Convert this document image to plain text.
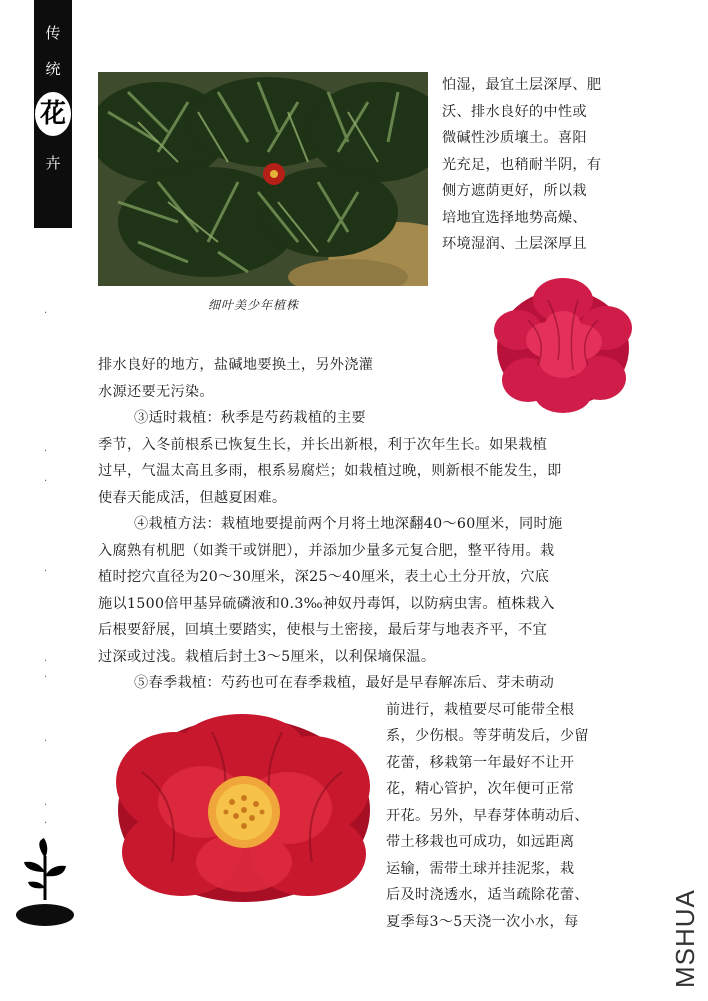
传
统
花
卉
·
·
·
·
·
·
·
·
·
细叶美少年植株
怕湿，最宜土层深厚、肥
沃、排水良好的中性或
微碱性沙质壤土。喜阳
光充足，也稍耐半阴，有
侧方遮荫更好，所以栽
培地宜选择地势高燥、
环境湿润、土层深厚且
排水良好的地方，盐碱地要换土，另外浇灌
水源还要无污染。
③适时栽植：秋季是芍药栽植的主要
季节，入冬前根系已恢复生长，并长出新根，利于次年生长。如果栽植
过早，气温太高且多雨，根系易腐烂；如栽植过晚，则新根不能发生，即
使春天能成活，但越夏困难。
④栽植方法：栽植地要提前两个月将土地深翻40～60厘米，同时施
入腐熟有机肥（如粪干或饼肥），并添加少量多元复合肥，整平待用。栽
植时挖穴直径为20～30厘米，深25～40厘米，表土心土分开放，穴底
施以1500倍甲基异硫磷液和0.3‰神奴丹毒饵，以防病虫害。植株栽入
后根要舒展，回填土要踏实，使根与土密接，最后芽与地表齐平，不宜
过深或过浅。栽植后封土3～5厘米，以利保墒保温。
⑤春季栽植：芍药也可在春季栽植，最好是早春解冻后、芽未萌动
前进行，栽植要尽可能带全根
系，少伤根。等芽萌发后，少留
花蕾，移栽第一年最好不让开
花，精心管护，次年便可正常
开花。另外，早春芽体萌动后、
带土移栽也可成功，如远距离
运输，需带土球并挂泥浆，栽
后及时浇透水，适当疏除花蕾、
夏季每3～5天浇一次小水，每	MSHUA
